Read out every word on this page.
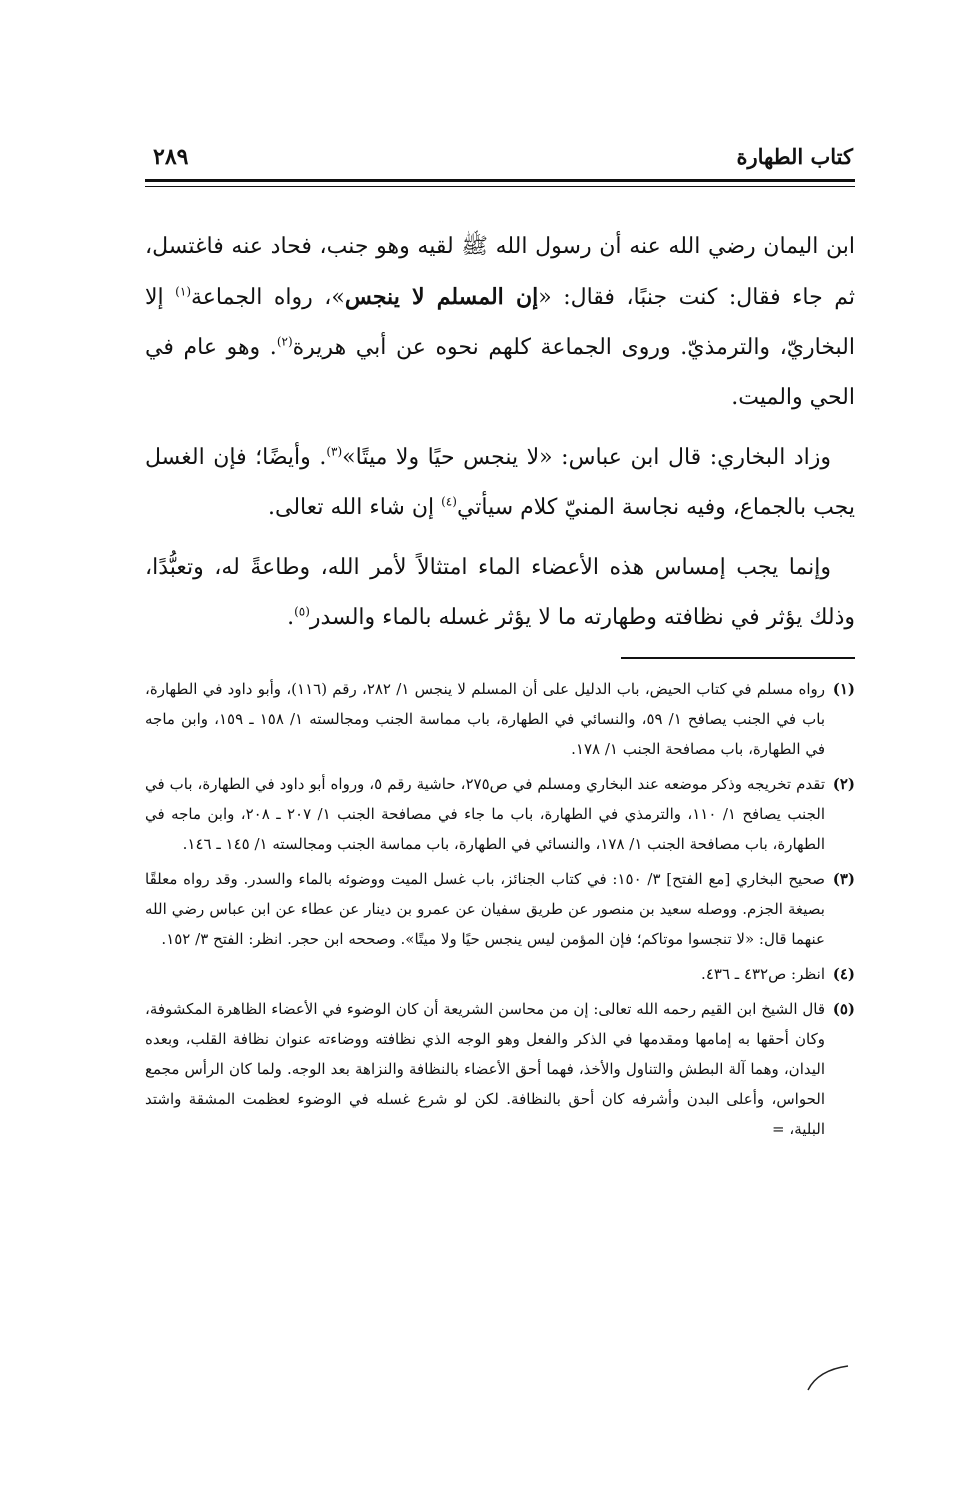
كتاب الطهارة
٢٨٩

ابن اليمان رضي الله عنه أن رسول الله ﷺ لقيه وهو جنب، فحاد عنه فاغتسل، ثم جاء فقال: كنت جنبًا، فقال: «إن المسلم لا ينجس»، رواه الجماعة$^{(١)}$ إلا البخاريّ، والترمذيّ. وروى الجماعة كلهم نحوه عن أبي هريرة$^{(٢)}$. وهو عام في الحي والميت.

وزاد البخاري: قال ابن عباس: «لا ينجس حيًا ولا ميتًا»$^{(٣)}$. وأيضًا؛ فإن الغسل يجب بالجماع، وفيه نجاسة المنيّ كلام سيأتي$^{(٤)}$ إن شاء الله تعالى.

وإنما يجب إمساس هذه الأعضاء الماء امتثالاً لأمر الله، وطاعةً له، وتعبُّدًا، وذلك يؤثر في نظافته وطهارته ما لا يؤثر غسله بالماء والسدر$^{(٥)}$.

(١)
رواه مسلم في كتاب الحيض، باب الدليل على أن المسلم لا ينجس ١/ ٢٨٢، رقم (١١٦)، وأبو داود في الطهارة، باب في الجنب يصافح ١/ ٥٩، والنسائي في الطهارة، باب مماسة الجنب ومجالسته ١/ ١٥٨ ـ ١٥٩، وابن ماجه في الطهارة، باب مصافحة الجنب ١/ ١٧٨.
(٢)
تقدم تخريجه وذكر موضعه عند البخاري ومسلم في ص٢٧٥، حاشية رقم ٥، ورواه أبو داود في الطهارة، باب في الجنب يصافح ١/ ١١٠، والترمذي في الطهارة، باب ما جاء في مصافحة الجنب ١/ ٢٠٧ ـ ٢٠٨، وابن ماجه في الطهارة، باب مصافحة الجنب ١/ ١٧٨، والنسائي في الطهارة، باب مماسة الجنب ومجالسته ١/ ١٤٥ ـ ١٤٦.
(٣)
صحيح البخاري [مع الفتح] ٣/ ١٥٠: في كتاب الجنائز، باب غسل الميت ووضوئه بالماء والسدر. وقد رواه معلقًا بصيغة الجزم. ووصله سعيد بن منصور عن طريق سفيان عن عمرو بن دينار عن عطاء عن ابن عباس رضي الله عنهما قال: «لا تنجسوا موتاكم؛ فإن المؤمن ليس ينجس حيًا ولا ميتًا». وصححه ابن حجر. انظر: الفتح ٣/ ١٥٢.
(٤)
انظر: ص٤٣٢ ـ ٤٣٦.
(٥)
قال الشيخ ابن القيم رحمه الله تعالى: إن من محاسن الشريعة أن كان الوضوء في الأعضاء الظاهرة المكشوفة، وكان أحقها به إمامها ومقدمها في الذكر والفعل وهو الوجه الذي نظافته ووضاءته عنوان نظافة القلب، وبعده اليدان، وهما آلة البطش والتناول والأخذ، فهما أحق الأعضاء بالنظافة والنزاهة بعد الوجه. ولما كان الرأس مجمع الحواس، وأعلى البدن وأشرفه كان أحق بالنظافة. لكن لو شرع غسله في الوضوء لعظمت المشقة واشتد البلية، =
